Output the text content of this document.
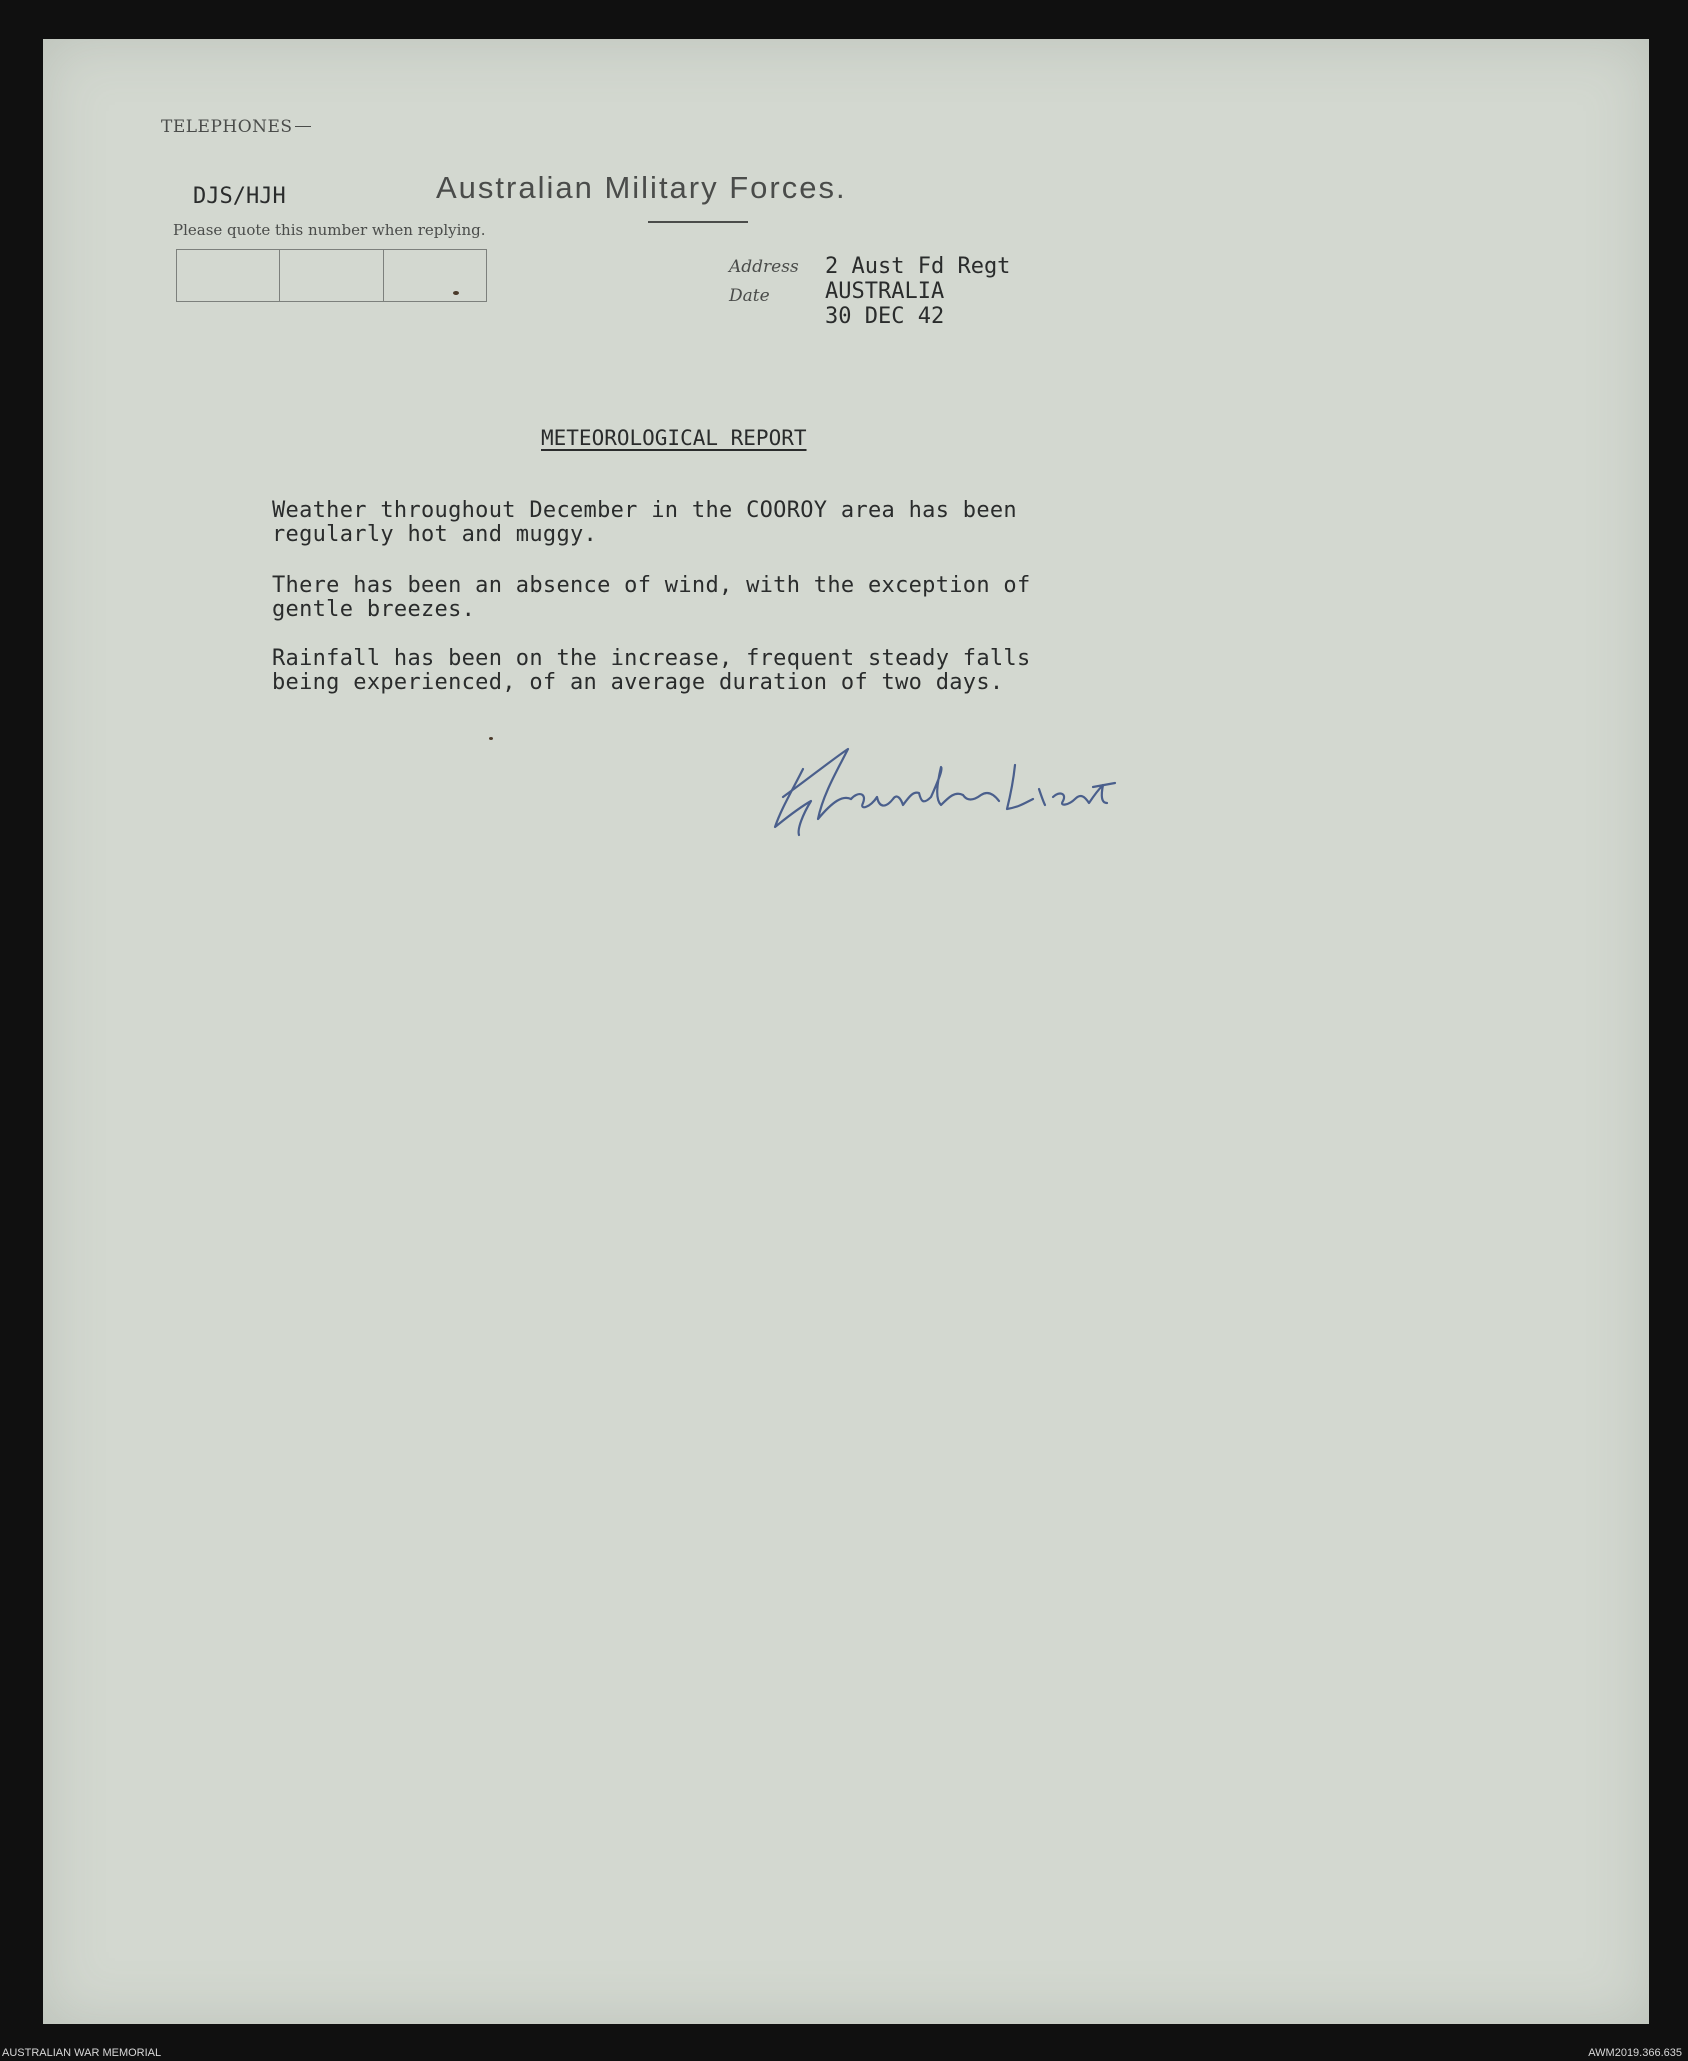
TELEPHONES
DJS/HJH
Please quote this number when replying.
Australian Military Forces.
Address
Date
2 Aust Fd Regt
AUSTRALIA
30 DEC 42
METEOROLOGICAL REPORT
Weather throughout December in the COOROY area has been
regularly hot and muggy.
There has been an absence of wind, with the exception of
gentle breezes.
Rainfall has been on the increase, frequent steady falls
being experienced, of an average duration of two days.
Lieut
AUSTRALIAN WAR MEMORIAL	AWM2019.366.635
